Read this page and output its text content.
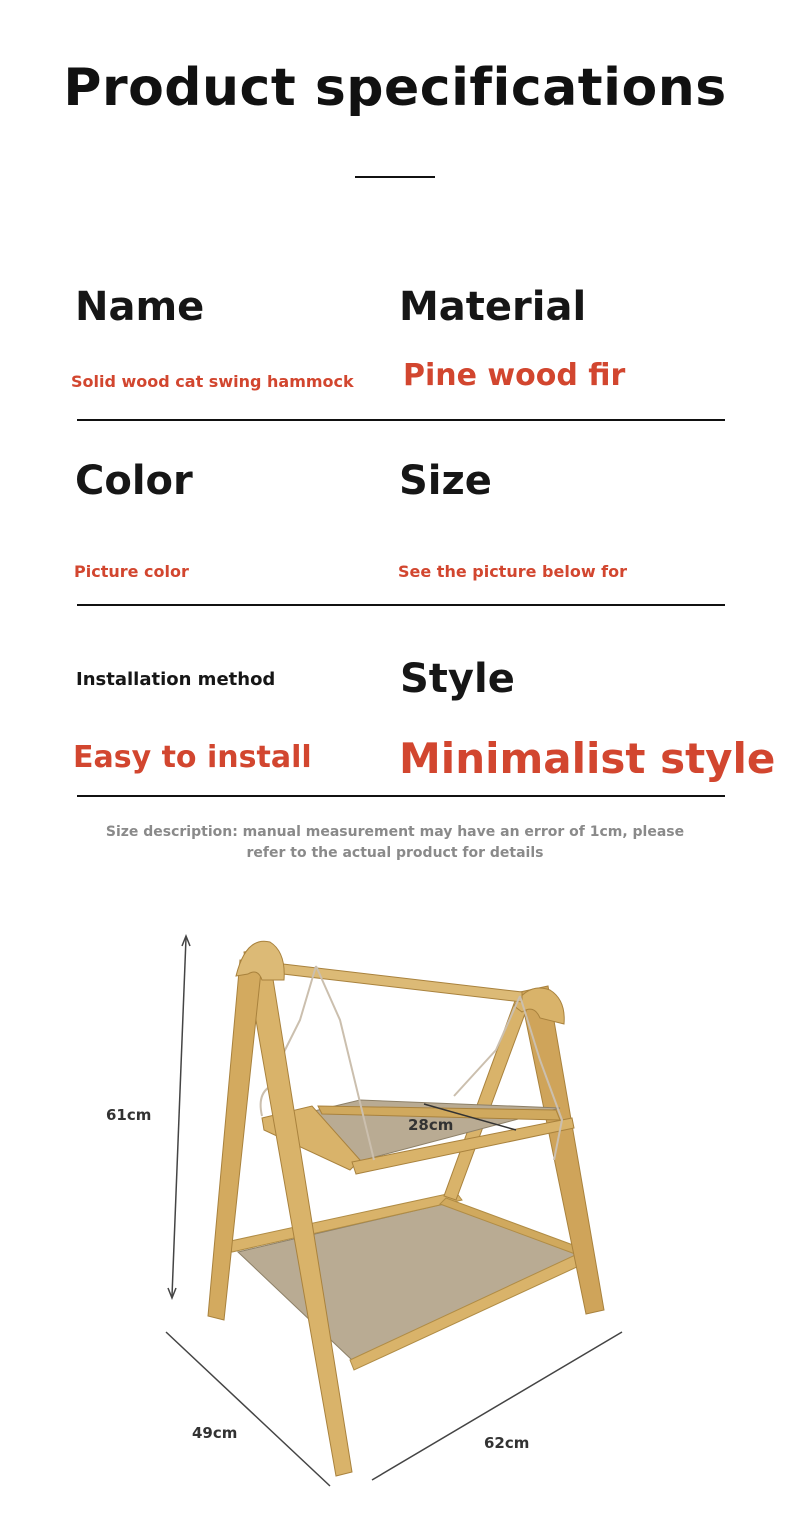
Product specifications
Name
Solid wood cat swing hammock
Material
Pine wood fir
Color
Picture color
Size
See the picture below for
Installation method
Easy to install
Style
Minimalist style
Size description: manual measurement may have an error of 1cm, please refer to the actual product for details
61cm
28cm
49cm
62cm
